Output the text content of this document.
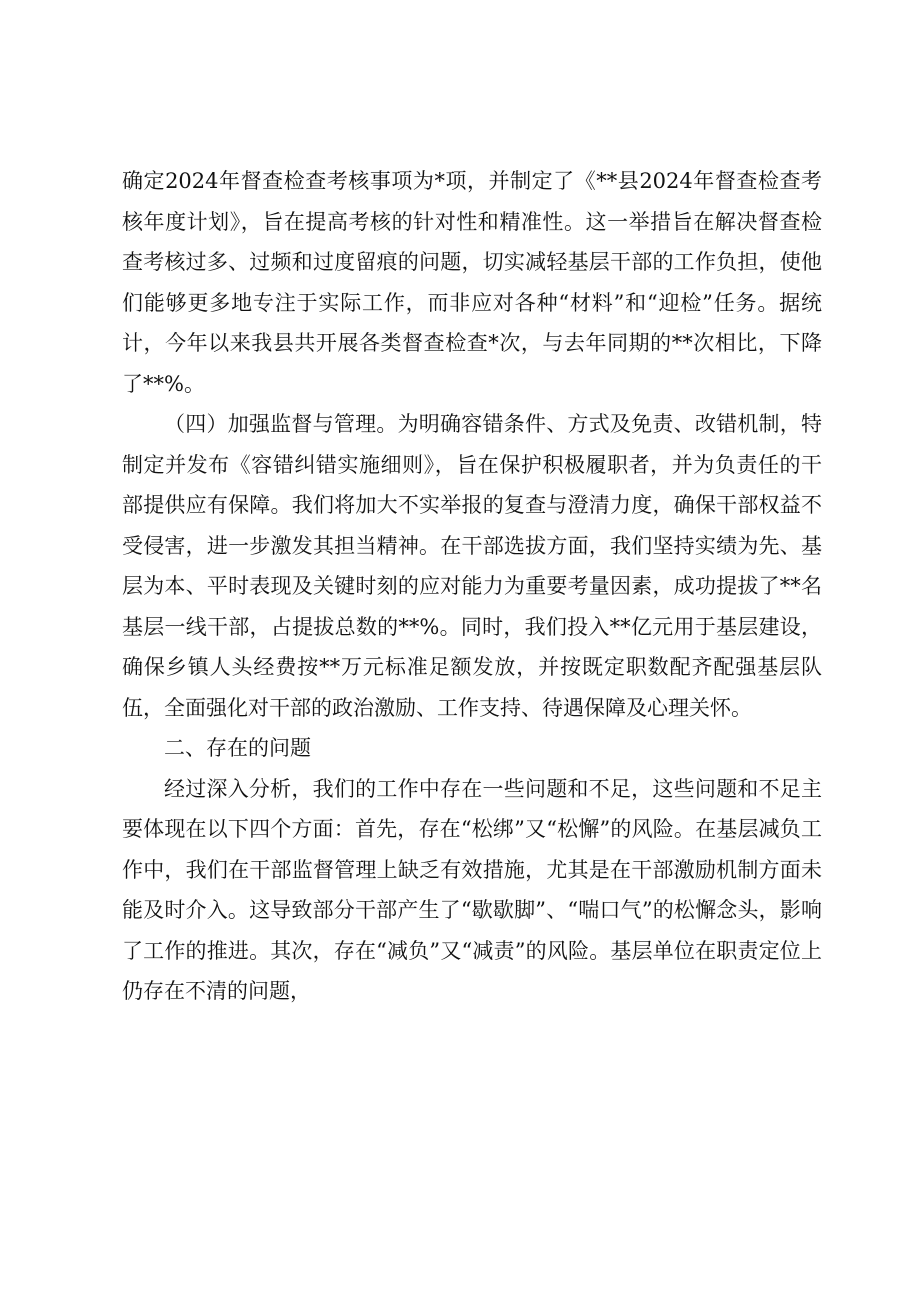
确定2024年督查检查考核事项为*项，并制定了《**县2024年督查检查考核年度计划》，旨在提高考核的针对性和精准性。这一举措旨在解决督查检查考核过多、过频和过度留痕的问题，切实减轻基层干部的工作负担，使他们能够更多地专注于实际工作，而非应对各种“材料”和“迎检”任务。据统计，今年以来我县共开展各类督查检查*次，与去年同期的**次相比，下降了**%。

（四）加强监督与管理。为明确容错条件、方式及免责、改错机制，特制定并发布《容错纠错实施细则》，旨在保护积极履职者，并为负责任的干部提供应有保障。我们将加大不实举报的复查与澄清力度，确保干部权益不受侵害，进一步激发其担当精神。在干部选拔方面，我们坚持实绩为先、基层为本、平时表现及关键时刻的应对能力为重要考量因素，成功提拔了**名基层一线干部，占提拔总数的**%。同时，我们投入**亿元用于基层建设，确保乡镇人头经费按**万元标准足额发放，并按既定职数配齐配强基层队伍，全面强化对干部的政治激励、工作支持、待遇保障及心理关怀。

二、存在的问题

经过深入分析，我们的工作中存在一些问题和不足，这些问题和不足主要体现在以下四个方面：首先，存在“松绑”又“松懈”的风险。在基层减负工作中，我们在干部监督管理上缺乏有效措施，尤其是在干部激励机制方面未能及时介入。这导致部分干部产生了“歇歇脚”、“喘口气”的松懈念头，影响了工作的推进。其次，存在“减负”又“减责”的风险。基层单位在职责定位上仍存在不清的问题，
